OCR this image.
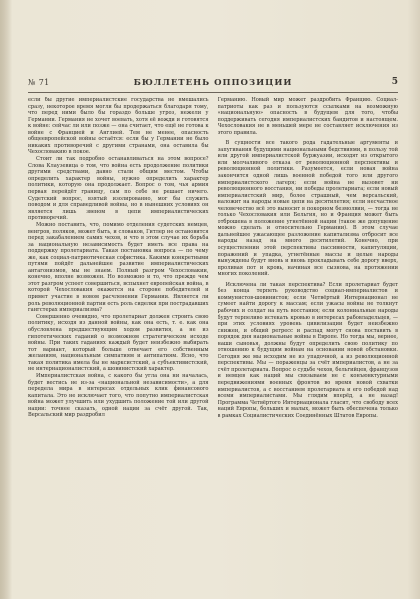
№ 71	БЮЛЛЕТЕНЬ ОППОЗИЦИИ	5

если бы другие империалистские государства не вмешались сразу, некоторое время могли бы продержаться благодаря тому, что перед ними было бы гораздо больше угроз, нежели у Германии. Германия не хочет воевать, хотя её вожди и готовятся к войне: сейчас ли или позже — она считает, что ещё не готова к войне с Францией и Англией. Тем не менее, опасность общеевропейской войны остаётся: если бы у Германии не было никаких противоречий с другими странами, она оставила бы Чехословакию в покое.

Стоит ли так подробно останавливаться на этом вопросе? Слова Клаузевица о том, что война есть продолжение политики другими средствами, давно стали общим местом. Чтобы определить характер войны, нужно определить характер политики, которую она продолжает. Вопрос о том, чья армия первая перейдёт границу, сам по себе не решает ничего. Судетский вопрос, взятый изолированно, мог бы служить поводом и для справедливой войны, но в нынешних условиях он является лишь звеном в цепи империалистических противоречий.

Можно поставить, что, помимо отделения судетских немцев, венгров, поляков, может быть, и словаков, Гитлер не остановится перед закабалением самих чехов, и что в этом случае их борьба за национальную независимость будет иметь все права на поддержку пролетариата. Такая постановка вопроса — по чему же, как социал-патриотическая софистика. Какими конкретными путями пойдёт дальнейшее развитие империалистических антагонизмов, мы не знаем. Полный разгром Чехословакии, конечно, вполне возможен. Но возможно и то, что прежде чем этот разгром успеет совершиться, вспыхнет европейская война, в которой Чехословакия окажется на стороне победителей и примет участие в новом расчленении Германии. Является ли роль революционной партии есть роль сиделки при пострадавших гангстерах империализма?

Совершенно очевидно, что пролетариат должен строить свою политику, исходя из данной войны, как она есть, т. е. как она обусловлена предшествующим ходом развития, а не из гипотетических гаданий о возможном стратегическом исходе войны. При таких гаданиях каждый будет неизбежно выбирать тот вариант, который больше отвечает его собственным желаниям, национальным симпатиям и антипатиям. Ясно, что такая политика имела бы не марксистский, а субъективистский, не интернационалистский, а шовинистский характер.

Империалистская война, с какого бы угла она ни началась, будет вестись не из-за «национальной независимости», а для передела мира в интересах отдельных клик финансового капитала. Это не исключает того, что попутно империалистская война может улучшить или ухудшить положение той или другой нации: точнее сказать, одной нации за счёт другой. Так, Версальский мир раздробил

Германию. Новый мир может раздробить Францию. Социал-патриоты как раз и пользуются ссылками на возможную «национальную» опасность в будущем для того, чтобы поддерживать сегодня империалистских бандитов и настоящем. Чехословакия не в меньшей мере не составляет исключения из этого правила.

В сущности все такого рода гадательные аргументы и запугивания будущими национальными бедствиями, в пользу той или другой империалистской буржуазии, исходят из открытого или молчаливого отказа от революционной перспективы и революционной политики. Разумеется, если новая война закончится одной лишь военной победой того или другого империалистского лагеря; если война не вызовет ни революционного восстания, ни победы пролетариата; если новый империалистский мир, более страшный, чем версальский, наложит на народы новые цепи на десятилетия; если несчастное человечество всё это выносит в покорном безмолвии, — тогда не только Чехословакия или Бельгия, но и Франция может быть отброшена в положение угнетённой нации (такое же допущение можно сделать и относительно Германии). В этом случае дальнейшее ужасающее разложение капитализма отбросит все народы назад на много десятилетий. Конечно, при осуществлении этой перспективы пассивности, капитуляции, поражений и упадка, угнетённые массы и целые народы вынуждены будут вновь и вновь прокладывать себе дорогу вверх, проливая пот и кровь, начиная все сызнова, на протяжении многих поколений.

Исключена ли такая перспектива? Если пролетариат будет без конца терпеть руководство социал-империалистов и коммунистов-шовинистов; если Четвёртый Интернационал не сумеет найти дорогу к массам; если ужасы войны не толкнут рабочих и солдат на путь восстания; если колониальные народы будут терпеливо истекать кровью в интересах рабовладельцев, — при этих условиях уровень цивилизации будет неизбежно снижен, и общий регресс и распад могут снова поставить в порядок дня национальные войны в Европе. Но тогда мы, вернее, наши сыновья, должны будут определить свою политику по отношению к будущим войнам на основании новой обстановки. Сегодня же мы исходим не из упадочной, а из революционной перспективы. Мы — пораженцы за счёт империалистов, а не за счёт пролетариата. Вопрос о судьбе чехов, бельгийцев, французов и немцев как наций мы связываем не с конъюнктурными передвижениями военных фронтов во время новой схватки империалистов, а с восстанием пролетариата и его победой над всеми империалистами. Мы глядим вперёд, а не назад! Программа Четвёртого Интернационала гласит, что свободу всех наций Европы, больших и малых, может быть обеспечена только в рамках Социалистических Соединённых Штатов Европы.
